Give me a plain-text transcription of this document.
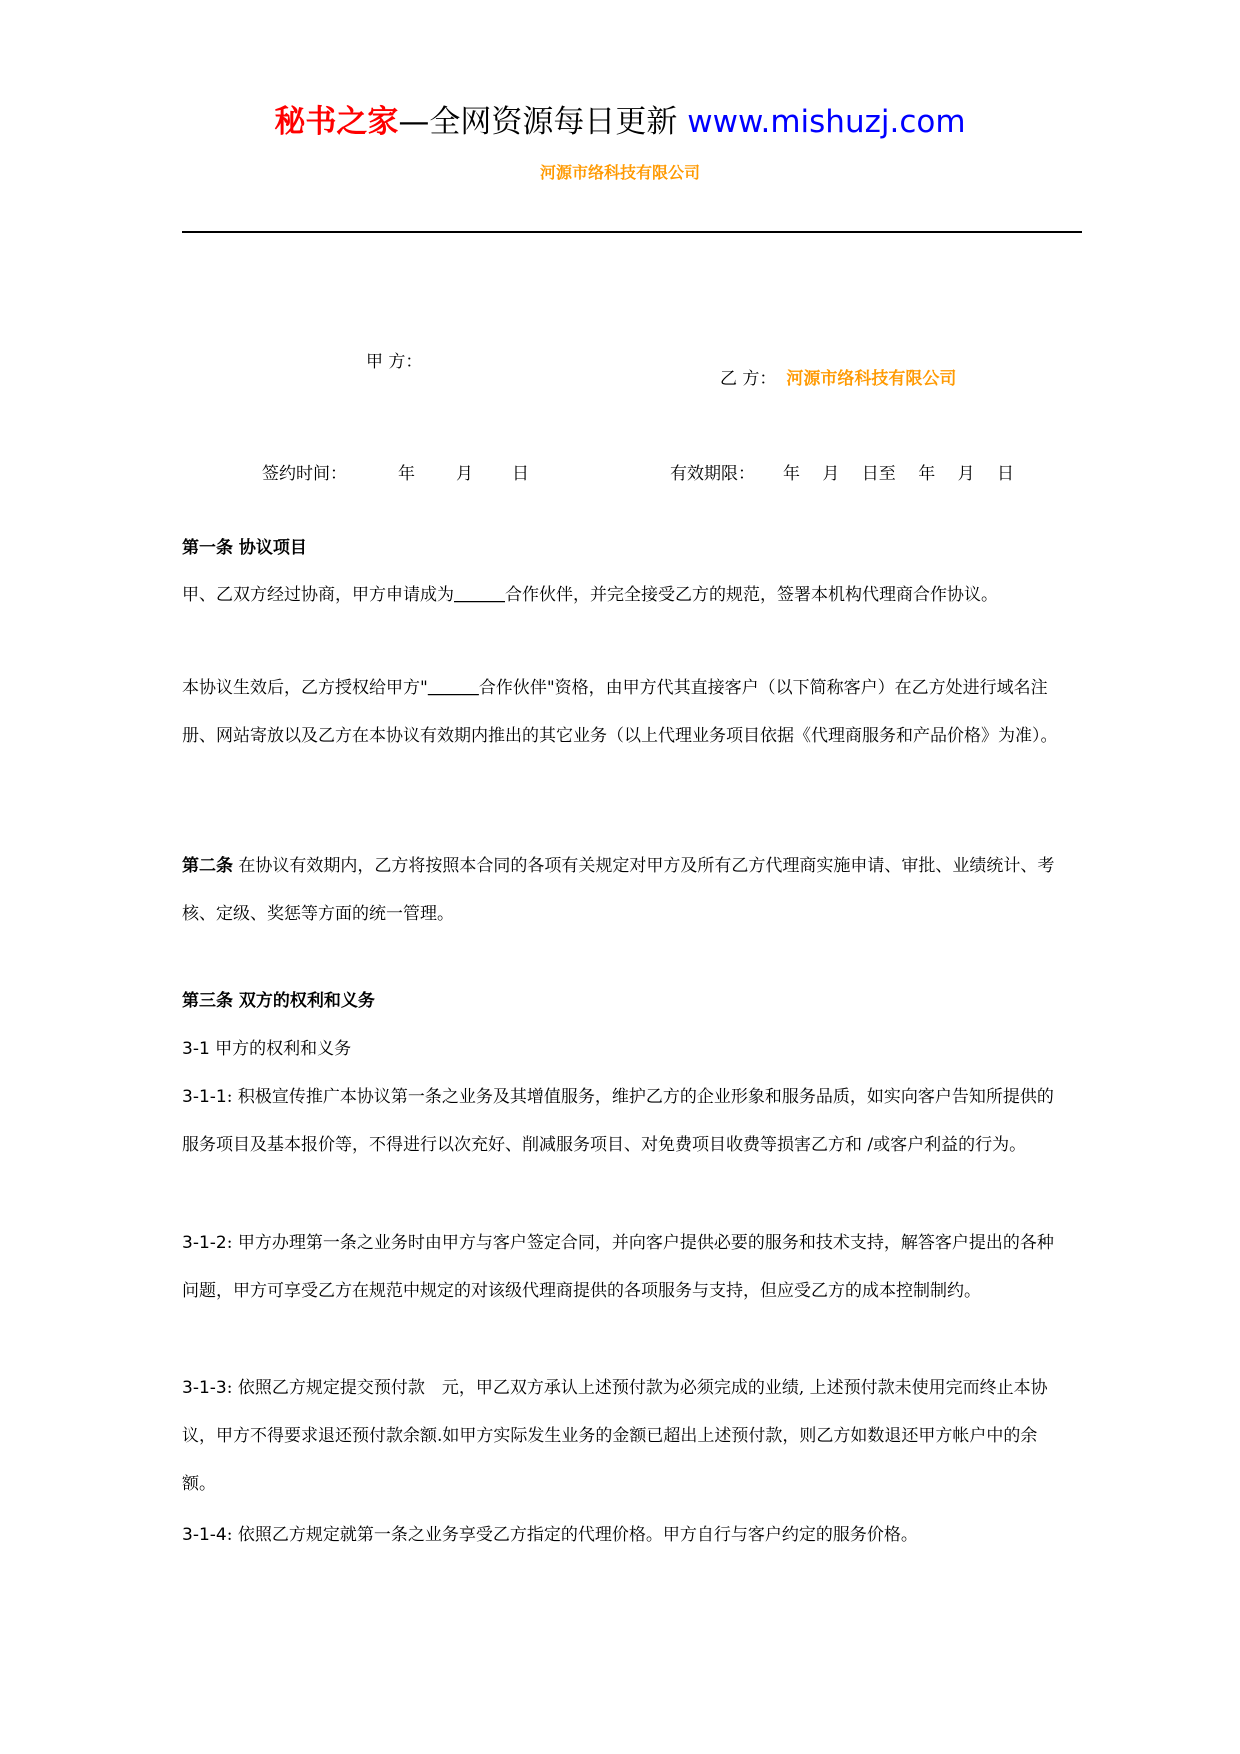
秘书之家—全网资源每日更新 www.mishuzj.com
河源市络科技有限公司
甲 方：
乙 方： 河源市络科技有限公司
签约时间：	年 月 日	有效期限： 年　 月　 日至　 年　 月　 日
第一条 协议项目

甲、乙双方经过协商，甲方申请成为＿＿＿合作伙伴，并完全接受乙方的规范，签署本机构代理商合作协议。

本协议生效后，乙方授权给甲方"＿＿＿合作伙伴"资格，由甲方代其直接客户（以下简称客户）在乙方处进行域名注册、网站寄放以及乙方在本协议有效期内推出的其它业务（以上代理业务项目依据《代理商服务和产品价格》为准）。

第二条 在协议有效期内，乙方将按照本合同的各项有关规定对甲方及所有乙方代理商实施申请、审批、业绩统计、考核、定级、奖惩等方面的统一管理。

第三条 双方的权利和义务

3-1 甲方的权利和义务

3-1-1: 积极宣传推广本协议第一条之业务及其增值服务，维护乙方的企业形象和服务品质，如实向客户告知所提供的服务项目及基本报价等，不得进行以次充好、削减服务项目、对免费项目收费等损害乙方和 /或客户利益的行为。

3-1-2: 甲方办理第一条之业务时由甲方与客户签定合同，并向客户提供必要的服务和技术支持，解答客户提出的各种问题，甲方可享受乙方在规范中规定的对该级代理商提供的各项服务与支持，但应受乙方的成本控制制约。

3-1-3: 依照乙方规定提交预付款　元，甲乙双方承认上述预付款为必须完成的业绩, 上述预付款未使用完而终止本协议，甲方不得要求退还预付款余额.如甲方实际发生业务的金额已超出上述预付款，则乙方如数退还甲方帐户中的余额。

3-1-4: 依照乙方规定就第一条之业务享受乙方指定的代理价格。甲方自行与客户约定的服务价格。
